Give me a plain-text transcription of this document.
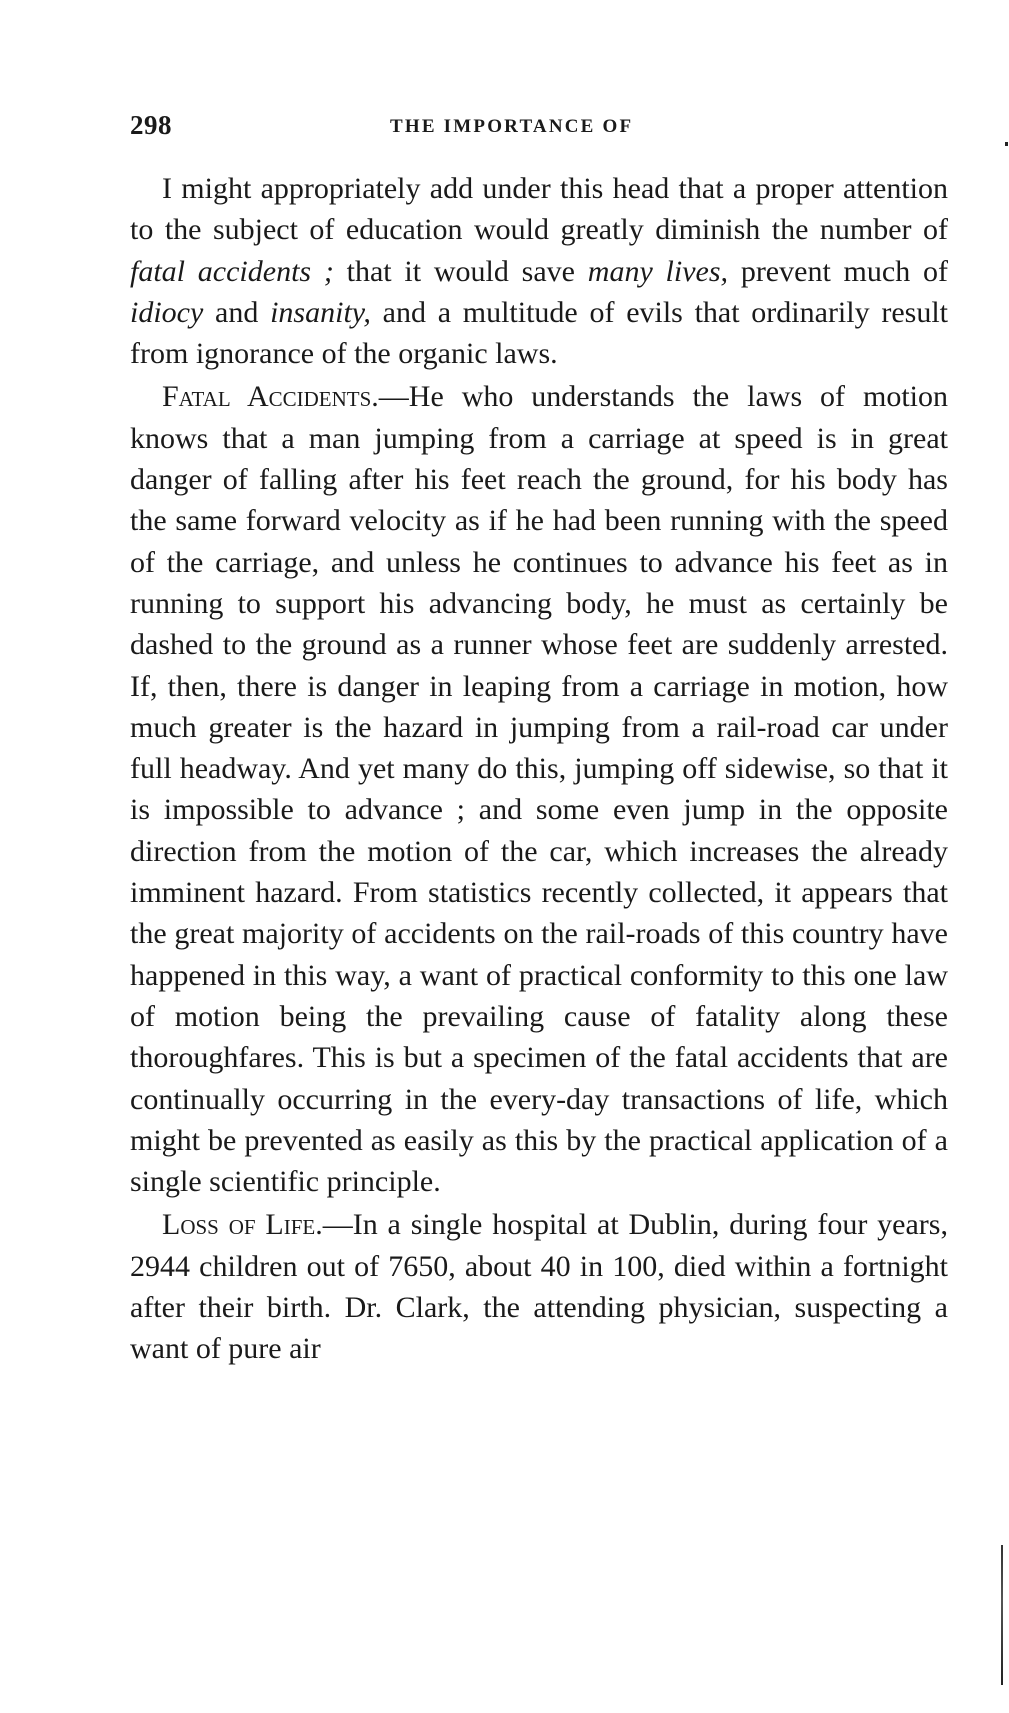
298	THE IMPORTANCE OF

I might appropriately add under this head that a proper attention to the subject of education would greatly diminish the number of fatal accidents ; that it would save many lives, prevent much of idiocy and insanity, and a multitude of evils that ordinarily result from ignorance of the organic laws.

Fatal Accidents.—He who understands the laws of motion knows that a man jumping from a carriage at speed is in great danger of falling after his feet reach the ground, for his body has the same forward velocity as if he had been running with the speed of the carriage, and unless he continues to advance his feet as in running to support his advancing body, he must as certainly be dashed to the ground as a runner whose feet are suddenly arrested. If, then, there is danger in leaping from a carriage in motion, how much greater is the hazard in jumping from a rail-road car under full headway. And yet many do this, jumping off sidewise, so that it is impossible to advance ; and some even jump in the opposite direction from the motion of the car, which increases the already imminent hazard. From statistics recently collected, it appears that the great majority of accidents on the rail-roads of this country have happened in this way, a want of practical conformity to this one law of motion being the prevailing cause of fatality along these thoroughfares. This is but a specimen of the fatal accidents that are continually occurring in the every-day transactions of life, which might be prevented as easily as this by the practical application of a single scientific principle.

Loss of Life.—In a single hospital at Dublin, during four years, 2944 children out of 7650, about 40 in 100, died within a fortnight after their birth. Dr. Clark, the attending physician, suspecting a want of pure air
